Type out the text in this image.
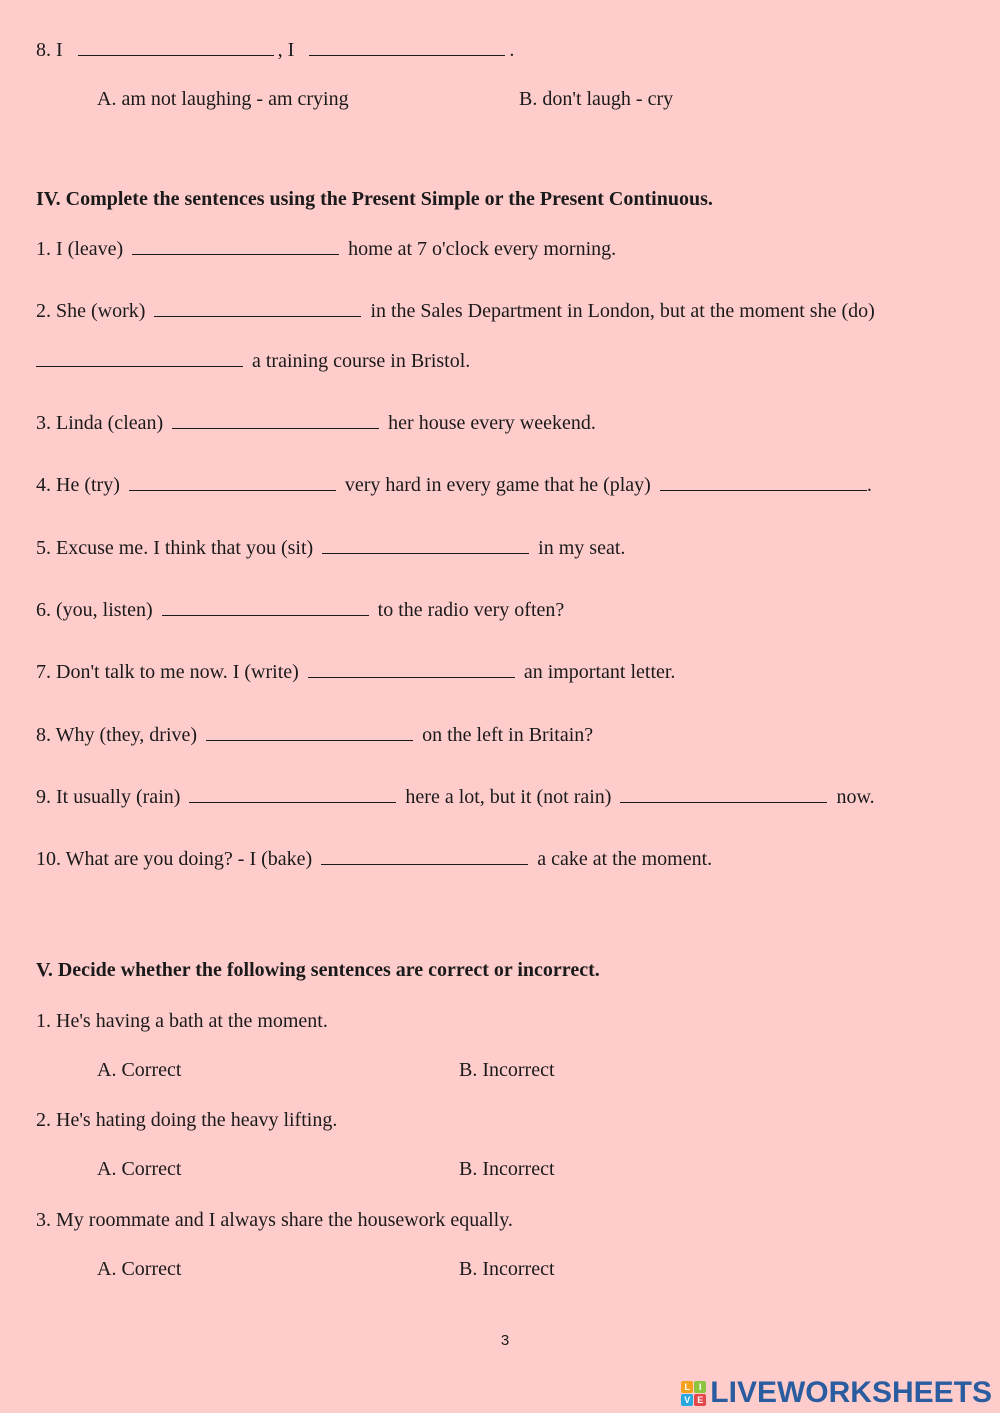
8. I	, I	.
A. am not laughing - am crying	B. don't laugh - cry
IV. Complete the sentences using the Present Simple or the Present Continuous.
1. I (leave)	home at 7 o'clock every morning.
2. She (work)	in the Sales Department in London, but at the moment she (do)
a training course in Bristol.
3. Linda (clean)	her house every weekend.
4. He (try)	very hard in every game that he (play)	.
5. Excuse me. I think that you (sit)	in my seat.
6. (you, listen)	to the radio very often?
7. Don't talk to me now. I (write)	an important letter.
8. Why (they, drive)	on the left in Britain?
9. It usually (rain)	here a lot, but it (not rain)	now.
10. What are you doing? - I (bake)	a cake at the moment.
V. Decide whether the following sentences are correct or incorrect.
1. He's having a bath at the moment.
A. Correct	B. Incorrect
2. He's hating doing the heavy lifting.
A. Correct	B. Incorrect
3. My roommate and I always share the housework equally.
A. Correct	B. Incorrect
3
L I
V E LIVEWORKSHEETS
